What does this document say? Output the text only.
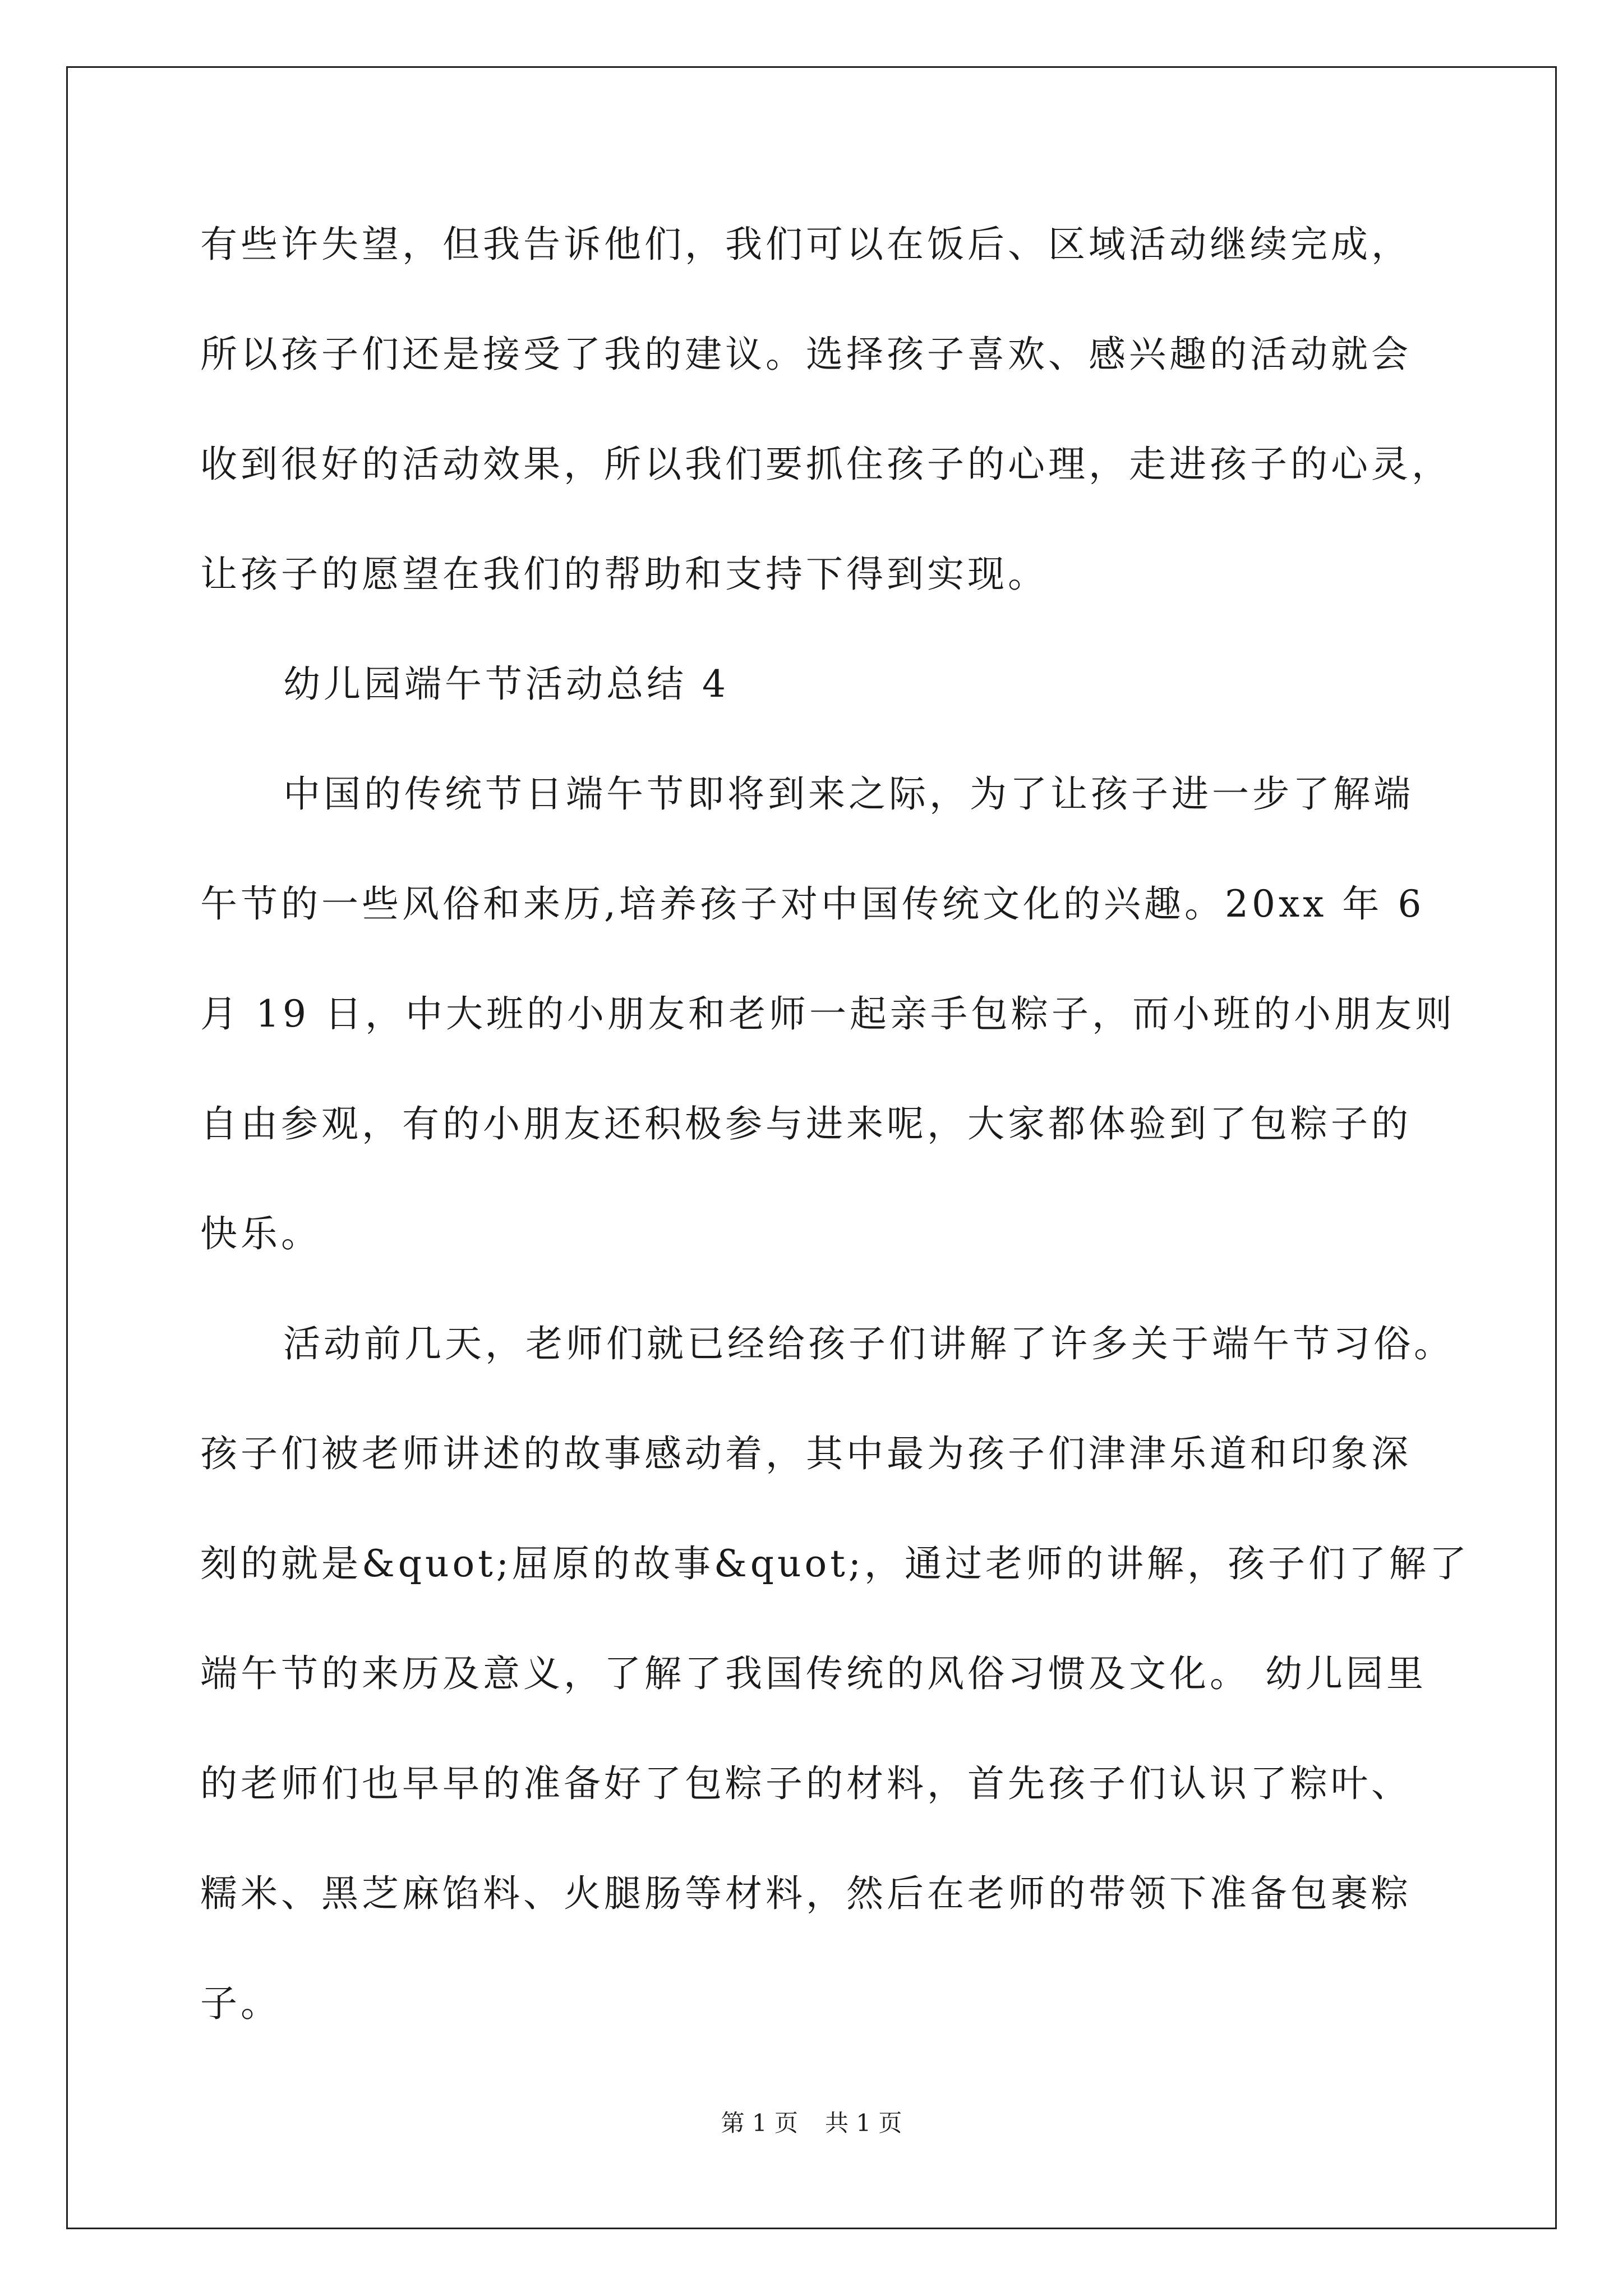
有些许失望，但我告诉他们，我们可以在饭后、区域活动继续完成，
所以孩子们还是接受了我的建议。选择孩子喜欢、感兴趣的活动就会
收到很好的活动效果，所以我们要抓住孩子的心理，走进孩子的心灵，
让孩子的愿望在我们的帮助和支持下得到实现。
幼儿园端午节活动总结 4
中国的传统节日端午节即将到来之际，为了让孩子进一步了解端
午节的一些风俗和来历,培养孩子对中国传统文化的兴趣。20xx 年 6
月 19 日，中大班的小朋友和老师一起亲手包粽子，而小班的小朋友则
自由参观，有的小朋友还积极参与进来呢，大家都体验到了包粽子的
快乐。
活动前几天，老师们就已经给孩子们讲解了许多关于端午节习俗。
孩子们被老师讲述的故事感动着，其中最为孩子们津津乐道和印象深
刻的就是&quot;屈原的故事&quot;，通过老师的讲解，孩子们了解了
端午节的来历及意义，了解了我国传统的风俗习惯及文化。 幼儿园里
的老师们也早早的准备好了包粽子的材料，首先孩子们认识了粽叶、
糯米、黑芝麻馅料、火腿肠等材料，然后在老师的带领下准备包裹粽
子。
第 1 页 共 1 页
